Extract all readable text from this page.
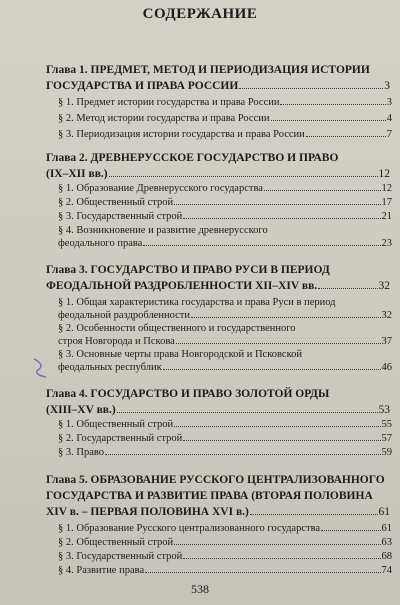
СОДЕРЖАНИЕ
Глава 1. ПРЕДМЕТ, МЕТОД И ПЕРИОДИЗАЦИЯ ИСТОРИИ
ГОСУДАРСТВА И ПРАВА РОССИИ	3
§ 1. Предмет истории государства и права России	3
§ 2. Метод истории государства и права России	4
§ 3. Периодизация истории государства и права России	7
Глава 2. ДРЕВНЕРУССКОЕ ГОСУДАРСТВО И ПРАВО
(IX–XII вв.)	12
§ 1. Образование Древнерусского государства	12
§ 2. Общественный строй	17
§ 3. Государственный строй	21
§ 4. Возникновение и развитие древнерусского
феодального права	23
Глава 3. ГОСУДАРСТВО И ПРАВО РУСИ В ПЕРИОД
ФЕОДАЛЬНОЙ РАЗДРОБЛЕННОСТИ XII–XIV вв.	32
§ 1. Общая характеристика государства и права Руси в период
феодальной раздробленности	32
§ 2. Особенности общественного и государственного
строя Новгорода и Пскова	37
§ 3. Основные черты права Новгородской и Псковской
феодальных республик	46
Глава 4. ГОСУДАРСТВО И ПРАВО ЗОЛОТОЙ ОРДЫ
(XIII–XV вв.)	53
§ 1. Общественный строй	55
§ 2. Государственный строй	57
§ 3. Право	59
Глава 5. ОБРАЗОВАНИЕ РУССКОГО ЦЕНТРАЛИЗОВАННОГО
ГОСУДАРСТВА И РАЗВИТИЕ ПРАВА (ВТОРАЯ ПОЛОВИНА
XIV в. – ПЕРВАЯ ПОЛОВИНА XVI в.)	61
§ 1. Образование Русского централизованного государства	61
§ 2. Общественный строй	63
§ 3. Государственный строй	68
§ 4. Развитие права	74
538
